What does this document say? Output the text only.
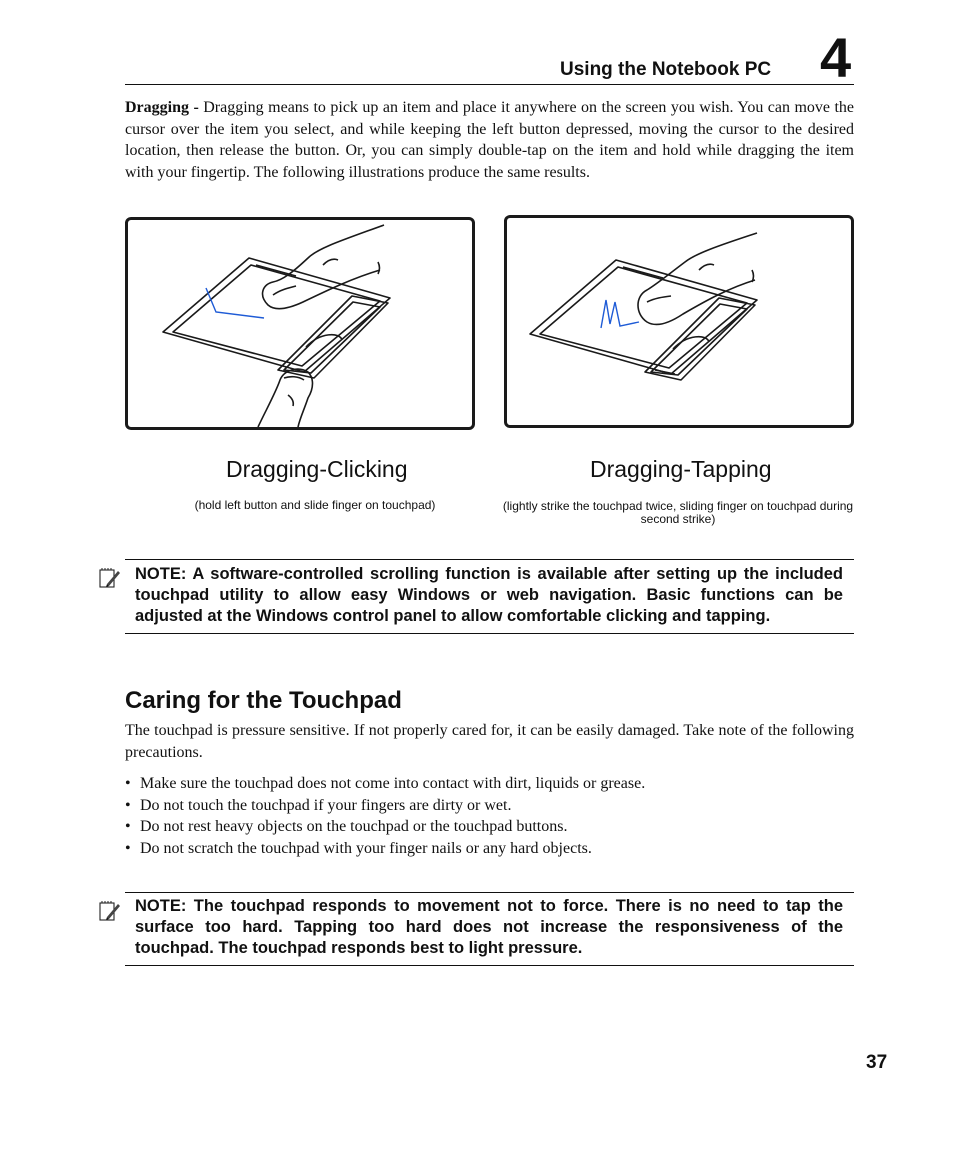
Using the Notebook PC 4
Dragging - Dragging means to pick up an item and place it anywhere on the screen you wish. You can move the cursor over the item you select, and while keeping the left button depressed, moving the cursor to the desired location, then release the button. Or, you can simply double-tap on the item and hold while dragging the item with your fingertip. The following illustrations produce the same results.
Dragging-Clicking
(hold left button and slide finger on touchpad)
Dragging-Tapping
(lightly strike the touchpad twice, sliding finger on touchpad during second strike)
NOTE: A software-controlled scrolling function is available after setting up the included touchpad utility to allow easy Windows or web navigation. Basic functions can be adjusted at the Windows control panel to allow comfortable clicking and tapping.
Caring for the Touchpad
The touchpad is pressure sensitive. If not properly cared for, it can be easily damaged. Take note of the following precautions.
• Make sure the touchpad does not come into contact with dirt, liquids or grease.
• Do not touch the touchpad if your fingers are dirty or wet.
• Do not rest heavy objects on the touchpad or the touchpad buttons.
• Do not scratch the touchpad with your finger nails or any hard objects.
NOTE: The touchpad responds to movement not to force. There is no need to tap the surface too hard. Tapping too hard does not increase the responsiveness of the touchpad. The touchpad responds best to light pressure.
37
